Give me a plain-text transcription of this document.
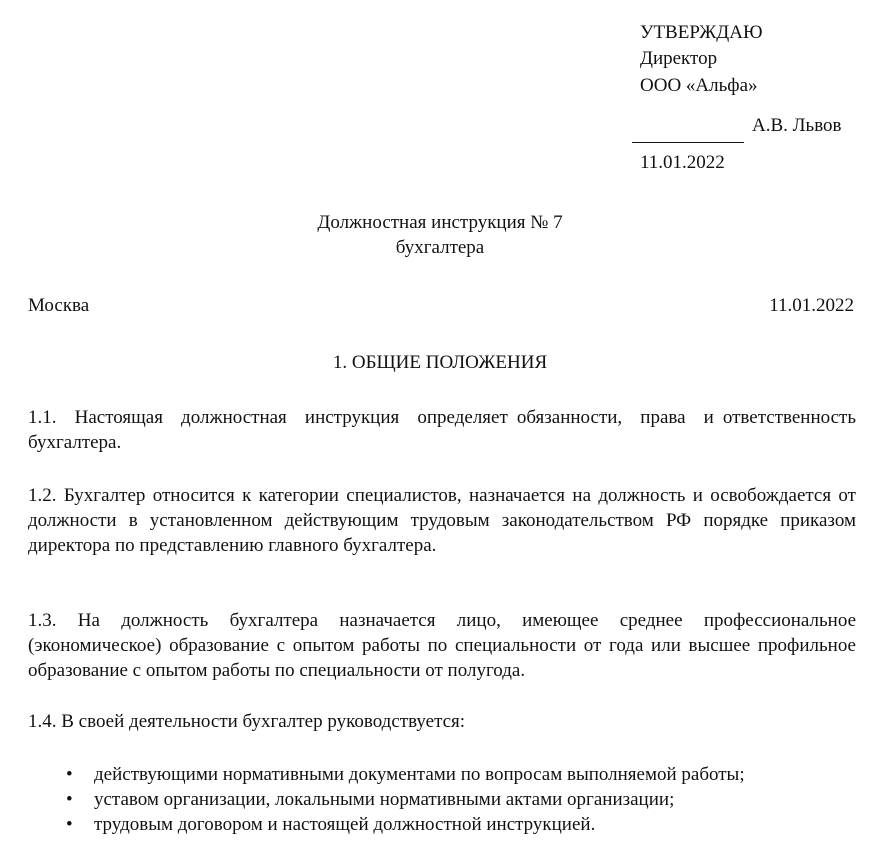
УТВЕРЖДАЮ
Директор
ООО «Альфа»
А.В. Львов
11.01.2022
Должностная инструкция № 7
бухгалтера
Москва	11.01.2022
1. ОБЩИЕ ПОЛОЖЕНИЯ
1.1.  Настоящая  должностная  инструкция  определяет обязанности,  права  и ответственность бухгалтера.
1.2. Бухгалтер относится к категории специалистов, назначается на должность и освобождается от должности в установленном действующим трудовым законодательством РФ порядке приказом директора по представлению главного бухгалтера.
1.3. На должность бухгалтера назначается лицо, имеющее среднее профессиональное (экономическое) образование с опытом работы по специальности от года или высшее профильное образование с опытом работы по специальности от полугода.
1.4. В своей деятельности бухгалтер руководствуется:
• действующими нормативными документами по вопросам выполняемой работы;
• уставом организации, локальными нормативными актами организации;
• трудовым договором и настоящей должностной инструкцией.
